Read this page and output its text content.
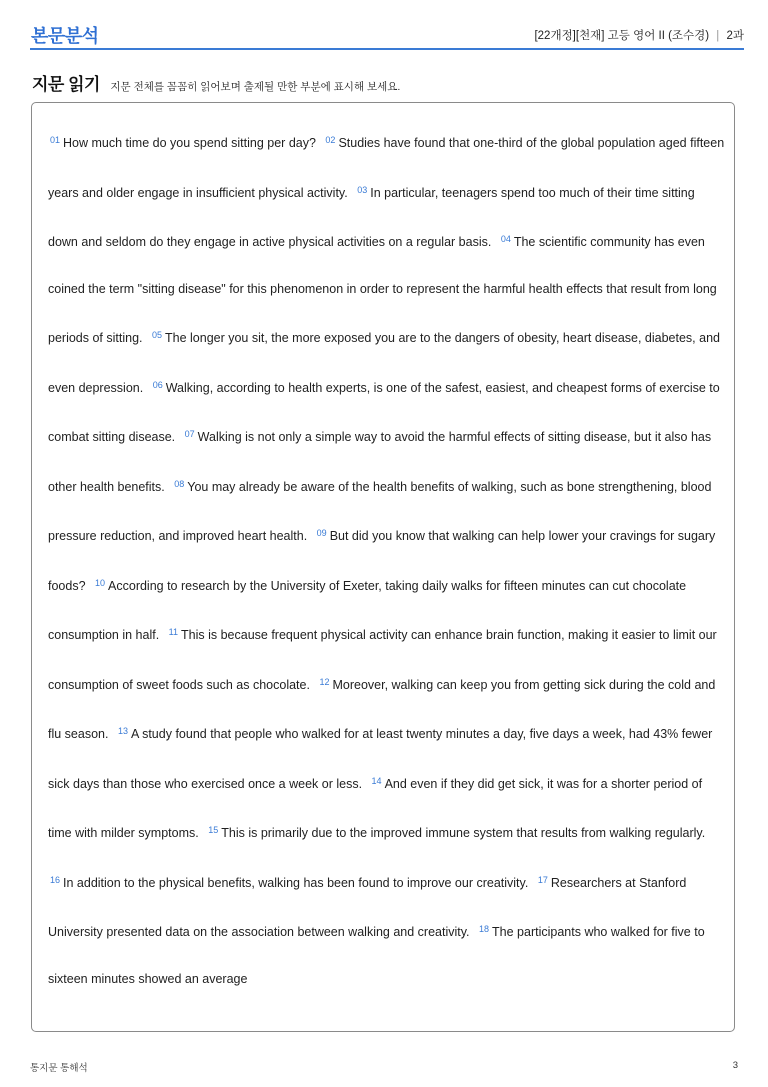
본문분석	[22개정][천재] 고등 영어 II (조수경) | 2과
지문 읽기 지문 전체를 꼼꼼히 읽어보며 출제될 만한 부분에 표시해 보세요.
$^{01}$ How much time do you spend sitting per day? $^{02}$ Studies have found that one-third of the global population aged fifteen years and older engage in insufficient physical activity. $^{03}$ In particular, teenagers spend too much of their time sitting down and seldom do they engage in active physical activities on a regular basis. $^{04}$ The scientific community has even coined the term "sitting disease" for this phenomenon in order to represent the harmful health effects that result from long periods of sitting. $^{05}$ The longer you sit, the more exposed you are to the dangers of obesity, heart disease, diabetes, and even depression. $^{06}$ Walking, according to health experts, is one of the safest, easiest, and cheapest forms of exercise to combat sitting disease. $^{07}$ Walking is not only a simple way to avoid the harmful effects of sitting disease, but it also has other health benefits. $^{08}$ You may already be aware of the health benefits of walking, such as bone strengthening, blood pressure reduction, and improved heart health. $^{09}$ But did you know that walking can help lower your cravings for sugary foods? $^{10}$ According to research by the University of Exeter, taking daily walks for fifteen minutes can cut chocolate consumption in half. $^{11}$ This is because frequent physical activity can enhance brain function, making it easier to limit our consumption of sweet foods such as chocolate. $^{12}$ Moreover, walking can keep you from getting sick during the cold and flu season. $^{13}$ A study found that people who walked for at least twenty minutes a day, five days a week, had 43% fewer sick days than those who exercised once a week or less. $^{14}$ And even if they did get sick, it was for a shorter period of time with milder symptoms. $^{15}$ This is primarily due to the improved immune system that results from walking regularly. $^{16}$ In addition to the physical benefits, walking has been found to improve our creativity. $^{17}$ Researchers at Stanford University presented data on the association between walking and creativity. $^{18}$ The participants who walked for five to sixteen minutes showed an average
통지문 통해석	3
